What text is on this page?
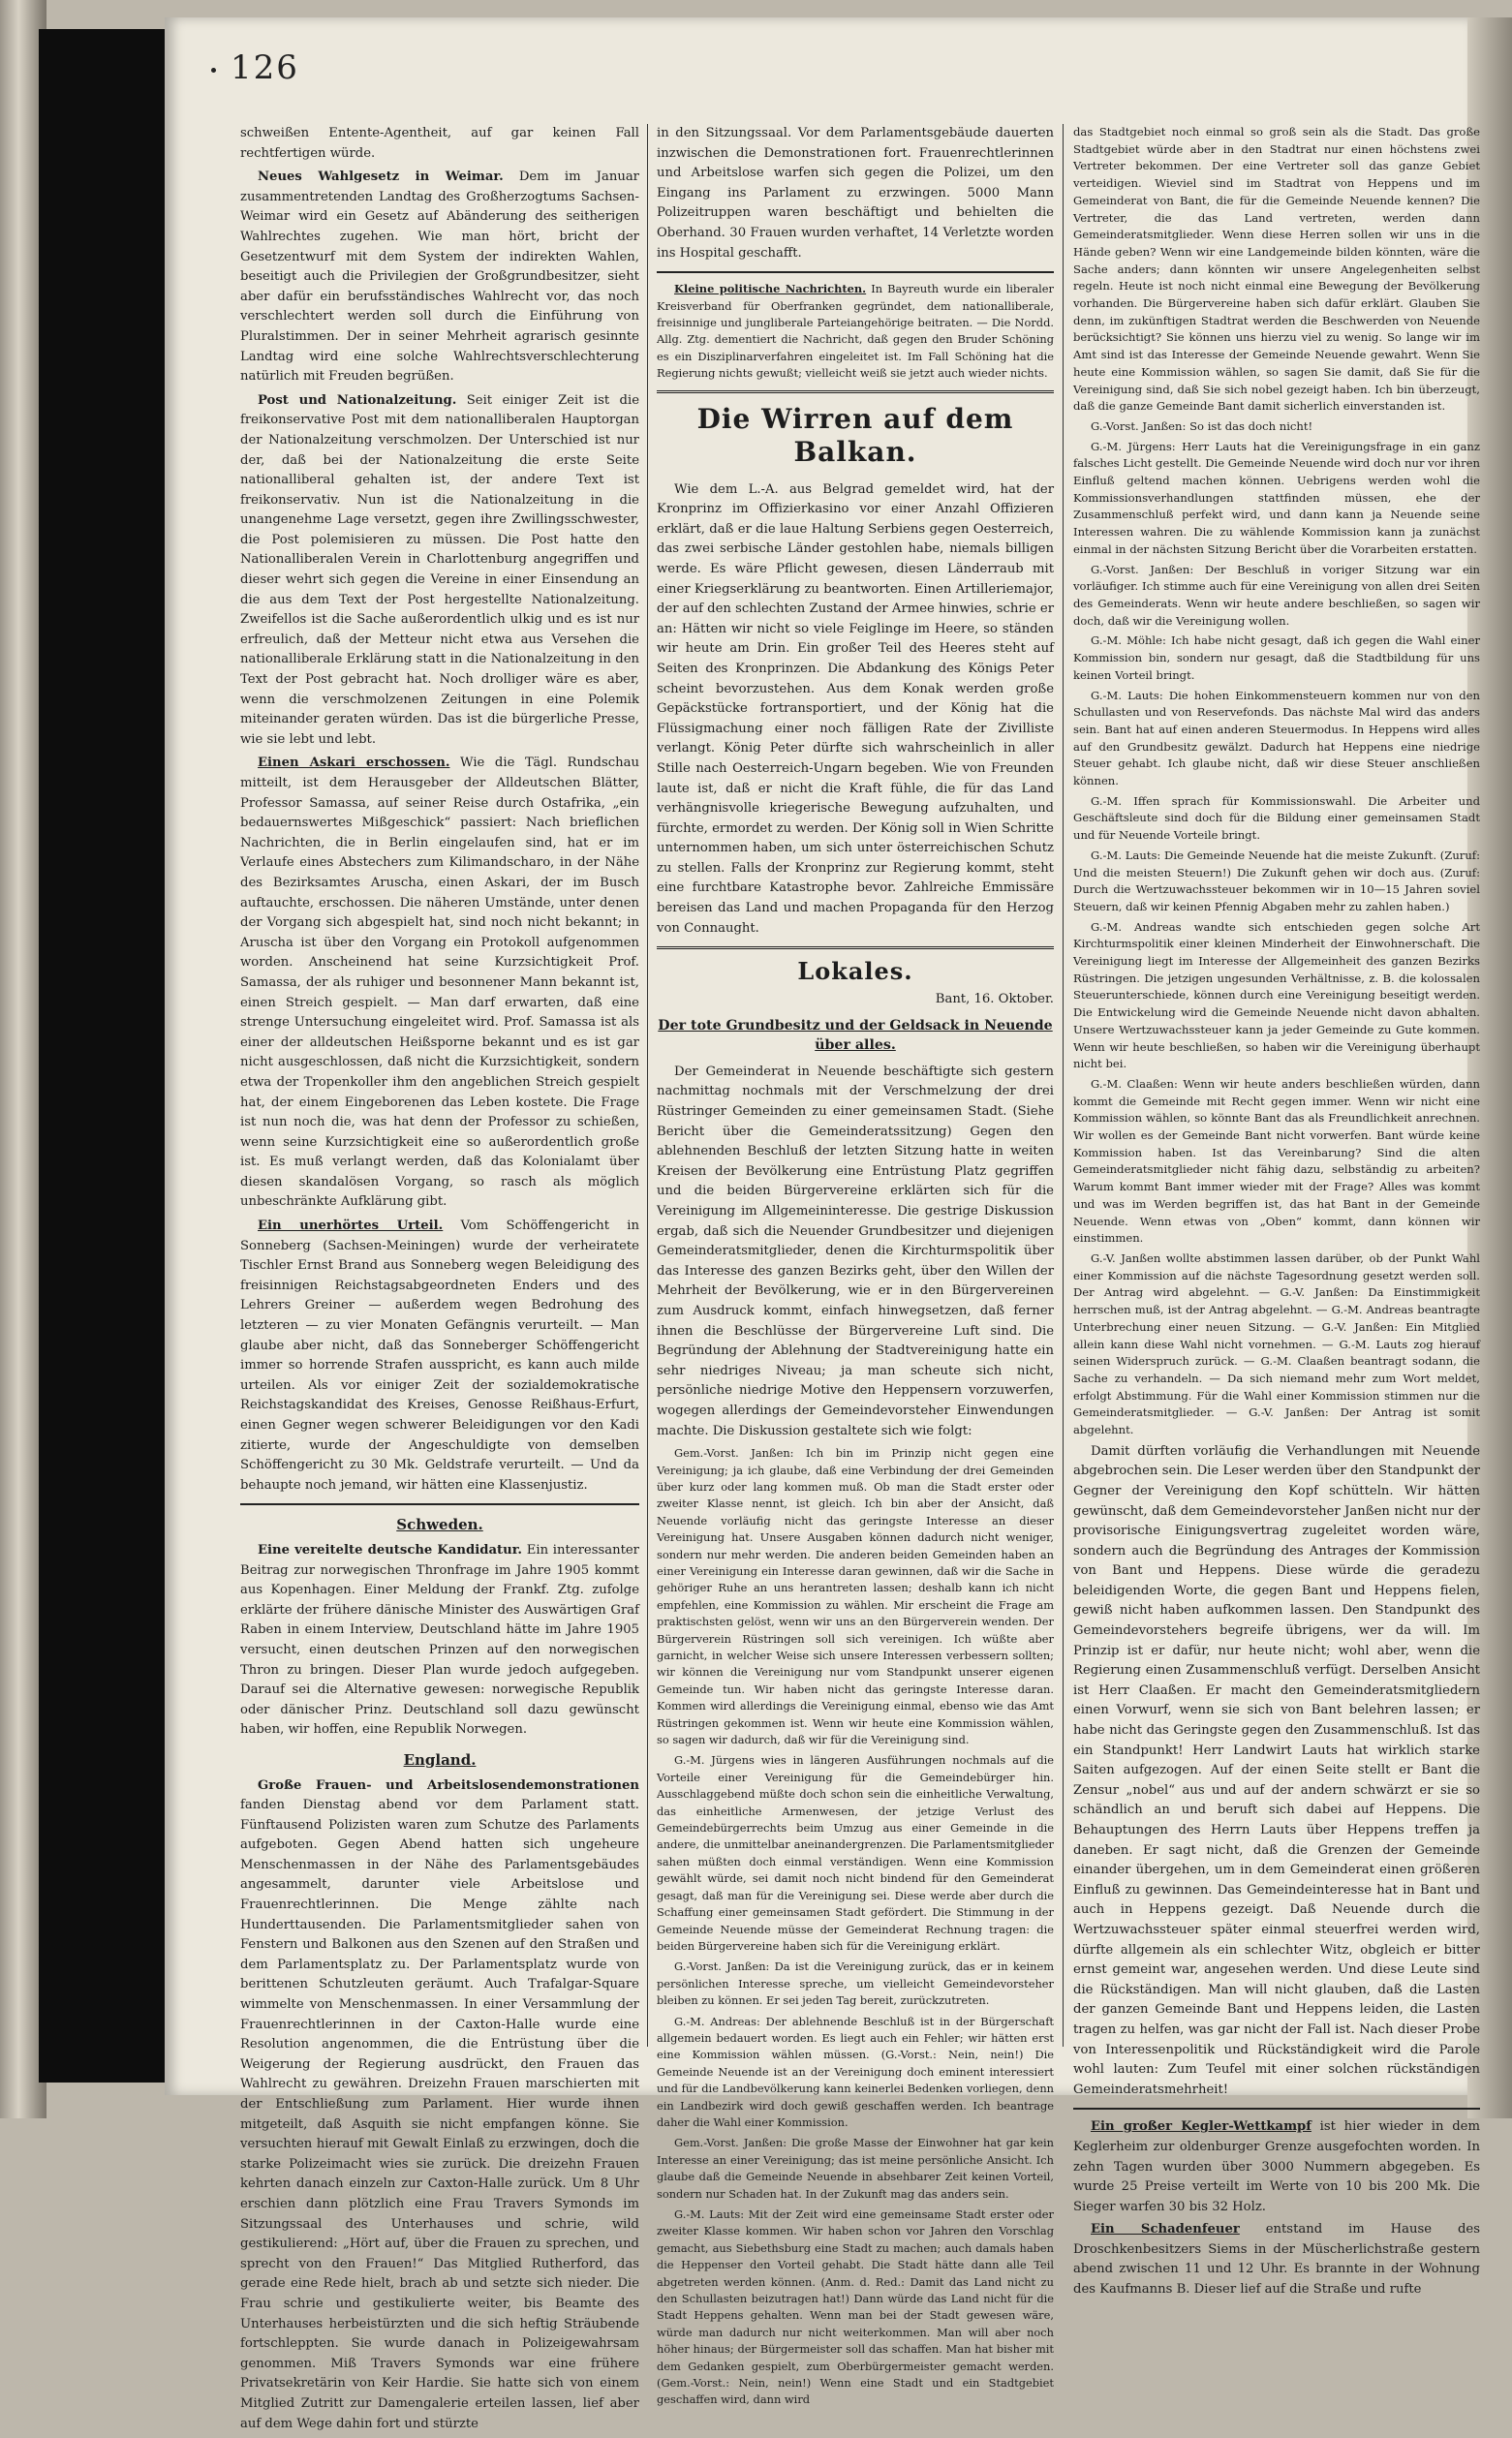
126

schweißen Entente-Agentheit, auf gar keinen Fall rechtfertigen würde.

Neues Wahlgesetz in Weimar. Dem im Januar zusammentretenden Landtag des Großherzogtums Sachsen-Weimar wird ein Gesetz auf Abänderung des seitherigen Wahlrechtes zugehen. Wie man hört, bricht der Gesetzentwurf mit dem System der indirekten Wahlen, beseitigt auch die Privilegien der Großgrundbesitzer, sieht aber dafür ein berufsständisches Wahlrecht vor, das noch verschlechtert werden soll durch die Einführung von Pluralstimmen. Der in seiner Mehrheit agrarisch gesinnte Landtag wird eine solche Wahlrechtsverschlechterung natürlich mit Freuden begrüßen.

Post und Nationalzeitung. Seit einiger Zeit ist die freikonservative Post mit dem nationalliberalen Hauptorgan der Nationalzeitung verschmolzen. Der Unterschied ist nur der, daß bei der Nationalzeitung die erste Seite nationalliberal gehalten ist, der andere Text ist freikonservativ. Nun ist die Nationalzeitung in die unangenehme Lage versetzt, gegen ihre Zwillingsschwester, die Post polemisieren zu müssen. Die Post hatte den Nationalliberalen Verein in Charlottenburg angegriffen und dieser wehrt sich gegen die Vereine in einer Einsendung an die aus dem Text der Post hergestellte Nationalzeitung. Zweifellos ist die Sache außerordentlich ulkig und es ist nur erfreulich, daß der Metteur nicht etwa aus Versehen die nationalliberale Erklärung statt in die Nationalzeitung in den Text der Post gebracht hat. Noch drolliger wäre es aber, wenn die verschmolzenen Zeitungen in eine Polemik miteinander geraten würden. Das ist die bürgerliche Presse, wie sie lebt und lebt.

Einen Askari erschossen. Wie die Tägl. Rundschau mitteilt, ist dem Herausgeber der Alldeutschen Blätter, Professor Samassa, auf seiner Reise durch Ostafrika, „ein bedauernswertes Mißgeschick“ passiert: Nach brieflichen Nachrichten, die in Berlin eingelaufen sind, hat er im Verlaufe eines Abstechers zum Kilimandscharo, in der Nähe des Bezirksamtes Aruscha, einen Askari, der im Busch auftauchte, erschossen. Die näheren Umstände, unter denen der Vorgang sich abgespielt hat, sind noch nicht bekannt; in Aruscha ist über den Vorgang ein Protokoll aufgenommen worden. Anscheinend hat seine Kurzsichtigkeit Prof. Samassa, der als ruhiger und besonnener Mann bekannt ist, einen Streich gespielt. — Man darf erwarten, daß eine strenge Untersuchung eingeleitet wird. Prof. Samassa ist als einer der alldeutschen Heißsporne bekannt und es ist gar nicht ausgeschlossen, daß nicht die Kurzsichtigkeit, sondern etwa der Tropenkoller ihm den angeblichen Streich gespielt hat, der einem Eingeborenen das Leben kostete. Die Frage ist nun noch die, was hat denn der Professor zu schießen, wenn seine Kurzsichtigkeit eine so außerordentlich große ist. Es muß verlangt werden, daß das Kolonialamt über diesen skandalösen Vorgang, so rasch als möglich unbeschränkte Aufklärung gibt.

Ein unerhörtes Urteil. Vom Schöffengericht in Sonneberg (Sachsen-Meiningen) wurde der verheiratete Tischler Ernst Brand aus Sonneberg wegen Beleidigung des freisinnigen Reichstagsabgeordneten Enders und des Lehrers Greiner — außerdem wegen Bedrohung des letzteren — zu vier Monaten Gefängnis verurteilt. — Man glaube aber nicht, daß das Sonneberger Schöffengericht immer so horrende Strafen ausspricht, es kann auch milde urteilen. Als vor einiger Zeit der sozialdemokratische Reichstagskandidat des Kreises, Genosse Reißhaus-Erfurt, einen Gegner wegen schwerer Beleidigungen vor den Kadi zitierte, wurde der Angeschuldigte von demselben Schöffengericht zu 30 Mk. Geldstrafe verurteilt. — Und da behaupte noch jemand, wir hätten eine Klassenjustiz.

Schweden.

Eine vereitelte deutsche Kandidatur. Ein interessanter Beitrag zur norwegischen Thronfrage im Jahre 1905 kommt aus Kopenhagen. Einer Meldung der Frankf. Ztg. zufolge erklärte der frühere dänische Minister des Auswärtigen Graf Raben in einem Interview, Deutschland hätte im Jahre 1905 versucht, einen deutschen Prinzen auf den norwegischen Thron zu bringen. Dieser Plan wurde jedoch aufgegeben. Darauf sei die Alternative gewesen: norwegische Republik oder dänischer Prinz. Deutschland soll dazu gewünscht haben, wir hoffen, eine Republik Norwegen.

England.

Große Frauen- und Arbeitslosendemonstrationen fanden Dienstag abend vor dem Parlament statt. Fünftausend Polizisten waren zum Schutze des Parlaments aufgeboten. Gegen Abend hatten sich ungeheure Menschenmassen in der Nähe des Parlamentsgebäudes angesammelt, darunter viele Arbeitslose und Frauenrechtlerinnen. Die Menge zählte nach Hunderttausenden. Die Parlamentsmitglieder sahen von Fenstern und Balkonen aus den Szenen auf den Straßen und dem Parlamentsplatz zu. Der Parlamentsplatz wurde von berittenen Schutzleuten geräumt. Auch Trafalgar-Square wimmelte von Menschenmassen. In einer Versammlung der Frauenrechtlerinnen in der Caxton-Halle wurde eine Resolution angenommen, die die Entrüstung über die Weigerung der Regierung ausdrückt, den Frauen das Wahlrecht zu gewähren. Dreizehn Frauen marschierten mit der Entschließung zum Parlament. Hier wurde ihnen mitgeteilt, daß Asquith sie nicht empfangen könne. Sie versuchten hierauf mit Gewalt Einlaß zu erzwingen, doch die starke Polizeimacht wies sie zurück. Die dreizehn Frauen kehrten danach einzeln zur Caxton-Halle zurück. Um 8 Uhr erschien dann plötzlich eine Frau Travers Symonds im Sitzungssaal des Unterhauses und schrie, wild gestikulierend: „Hört auf, über die Frauen zu sprechen, und sprecht von den Frauen!“ Das Mitglied Rutherford, das gerade eine Rede hielt, brach ab und setzte sich nieder. Die Frau schrie und gestikulierte weiter, bis Beamte des Unterhauses herbeistürzten und die sich heftig Sträubende fortschleppten. Sie wurde danach in Polizeigewahrsam genommen. Miß Travers Symonds war eine frühere Privatsekretärin von Keir Hardie. Sie hatte sich von einem Mitglied Zutritt zur Damengalerie erteilen lassen, lief aber auf dem Wege dahin fort und stürzte

in den Sitzungssaal. Vor dem Parlamentsgebäude dauerten inzwischen die Demonstrationen fort. Frauenrechtlerinnen und Arbeitslose warfen sich gegen die Polizei, um den Eingang ins Parlament zu erzwingen. 5000 Mann Polizeitruppen waren beschäftigt und behielten die Oberhand. 30 Frauen wurden verhaftet, 14 Verletzte worden ins Hospital geschafft.

Kleine politische Nachrichten. In Bayreuth wurde ein liberaler Kreisverband für Oberfranken gegründet, dem nationalliberale, freisinnige und jungliberale Parteiangehörige beitraten. — Die Nordd. Allg. Ztg. dementiert die Nachricht, daß gegen den Bruder Schöning es ein Disziplinarverfahren eingeleitet ist. Im Fall Schöning hat die Regierung nichts gewußt; vielleicht weiß sie jetzt auch wieder nichts.

Die Wirren auf dem Balkan.

Wie dem L.-A. aus Belgrad gemeldet wird, hat der Kronprinz im Offizierkasino vor einer Anzahl Offizieren erklärt, daß er die laue Haltung Serbiens gegen Oesterreich, das zwei serbische Länder gestohlen habe, niemals billigen werde. Es wäre Pflicht gewesen, diesen Länderraub mit einer Kriegserklärung zu beantworten. Einen Artilleriemajor, der auf den schlechten Zustand der Armee hinwies, schrie er an: Hätten wir nicht so viele Feiglinge im Heere, so ständen wir heute am Drin. Ein großer Teil des Heeres steht auf Seiten des Kronprinzen. Die Abdankung des Königs Peter scheint bevorzustehen. Aus dem Konak werden große Gepäckstücke fortransportiert, und der König hat die Flüssigmachung einer noch fälligen Rate der Zivilliste verlangt. König Peter dürfte sich wahrscheinlich in aller Stille nach Oesterreich-Ungarn begeben. Wie von Freunden laute ist, daß er nicht die Kraft fühle, die für das Land verhängnisvolle kriegerische Bewegung aufzuhalten, und fürchte, ermordet zu werden. Der König soll in Wien Schritte unternommen haben, um sich unter österreichischen Schutz zu stellen. Falls der Kronprinz zur Regierung kommt, steht eine furchtbare Katastrophe bevor. Zahlreiche Emmissäre bereisen das Land und machen Propaganda für den Herzog von Connaught.

Lokales.
Bant, 16. Oktober.
Der tote Grundbesitz und der Geldsack in Neuende über alles.

Der Gemeinderat in Neuende beschäftigte sich gestern nachmittag nochmals mit der Verschmelzung der drei Rüstringer Gemeinden zu einer gemeinsamen Stadt. (Siehe Bericht über die Gemeinderatssitzung) Gegen den ablehnenden Beschluß der letzten Sitzung hatte in weiten Kreisen der Bevölkerung eine Entrüstung Platz gegriffen und die beiden Bürgervereine erklärten sich für die Vereinigung im Allgemeininteresse. Die gestrige Diskussion ergab, daß sich die Neuender Grundbesitzer und diejenigen Gemeinderatsmitglieder, denen die Kirchturmspolitik über das Interesse des ganzen Bezirks geht, über den Willen der Mehrheit der Bevölkerung, wie er in den Bürgervereinen zum Ausdruck kommt, einfach hinwegsetzen, daß ferner ihnen die Beschlüsse der Bürgervereine Luft sind. Die Begründung der Ablehnung der Stadtvereinigung hatte ein sehr niedriges Niveau; ja man scheute sich nicht, persönliche niedrige Motive den Heppensern vorzuwerfen, wogegen allerdings der Gemeindevorsteher Einwendungen machte. Die Diskussion gestaltete sich wie folgt:

Gem.-Vorst. Janßen: Ich bin im Prinzip nicht gegen eine Vereinigung; ja ich glaube, daß eine Verbindung der drei Gemeinden über kurz oder lang kommen muß. Ob man die Stadt erster oder zweiter Klasse nennt, ist gleich. Ich bin aber der Ansicht, daß Neuende vorläufig nicht das geringste Interesse an dieser Vereinigung hat. Unsere Ausgaben können dadurch nicht weniger, sondern nur mehr werden. Die anderen beiden Gemeinden haben an einer Vereinigung ein Interesse daran gewinnen, daß wir die Sache in gehöriger Ruhe an uns herantreten lassen; deshalb kann ich nicht empfehlen, eine Kommission zu wählen. Mir erscheint die Frage am praktischsten gelöst, wenn wir uns an den Bürgerverein wenden. Der Bürgerverein Rüstringen soll sich vereinigen. Ich wüßte aber garnicht, in welcher Weise sich unsere Interessen verbessern sollten; wir können die Vereinigung nur vom Standpunkt unserer eigenen Gemeinde tun. Wir haben nicht das geringste Interesse daran. Kommen wird allerdings die Vereinigung einmal, ebenso wie das Amt Rüstringen gekommen ist. Wenn wir heute eine Kommission wählen, so sagen wir dadurch, daß wir für die Vereinigung sind.

G.-M. Jürgens wies in längeren Ausführungen nochmals auf die Vorteile einer Vereinigung für die Gemeindebürger hin. Ausschlaggebend müßte doch schon sein die einheitliche Verwaltung, das einheitliche Armenwesen, der jetzige Verlust des Gemeindebürgerrechts beim Umzug aus einer Gemeinde in die andere, die unmittelbar aneinandergrenzen. Die Parlamentsmitglieder sahen müßten doch einmal verständigen. Wenn eine Kommission gewählt würde, sei damit noch nicht bindend für den Gemeinderat gesagt, daß man für die Vereinigung sei. Diese werde aber durch die Schaffung einer gemeinsamen Stadt gefördert. Die Stimmung in der Gemeinde Neuende müsse der Gemeinderat Rechnung tragen: die beiden Bürgervereine haben sich für die Vereinigung erklärt.

G.-Vorst. Janßen: Da ist die Vereinigung zurück, das er in keinem persönlichen Interesse spreche, um vielleicht Gemeindevorsteher bleiben zu können. Er sei jeden Tag bereit, zurückzutreten.

G.-M. Andreas: Der ablehnende Beschluß ist in der Bürgerschaft allgemein bedauert worden. Es liegt auch ein Fehler; wir hätten erst eine Kommission wählen müssen. (G.-Vorst.: Nein, nein!) Die Gemeinde Neuende ist an der Vereinigung doch eminent interessiert und für die Landbevölkerung kann keinerlei Bedenken vorliegen, denn ein Landbezirk wird doch gewiß geschaffen werden. Ich beantrage daher die Wahl einer Kommission.

Gem.-Vorst. Janßen: Die große Masse der Einwohner hat gar kein Interesse an einer Vereinigung; das ist meine persönliche Ansicht. Ich glaube daß die Gemeinde Neuende in absehbarer Zeit keinen Vorteil, sondern nur Schaden hat. In der Zukunft mag das anders sein.

G.-M. Lauts: Mit der Zeit wird eine gemeinsame Stadt erster oder zweiter Klasse kommen. Wir haben schon vor Jahren den Vorschlag gemacht, aus Siebethsburg eine Stadt zu machen; auch damals haben die Heppenser den Vorteil gehabt. Die Stadt hätte dann alle Teil abgetreten werden können. (Anm. d. Red.: Damit das Land nicht zu den Schullasten beizutragen hat!) Dann würde das Land nicht für die Stadt Heppens gehalten. Wenn man bei der Stadt gewesen wäre, würde man dadurch nur nicht weiterkommen. Man will aber noch höher hinaus; der Bürgermeister soll das schaffen. Man hat bisher mit dem Gedanken gespielt, zum Oberbürgermeister gemacht werden. (Gem.-Vorst.: Nein, nein!) Wenn eine Stadt und ein Stadtgebiet geschaffen wird, dann wird

das Stadtgebiet noch einmal so groß sein als die Stadt. Das große Stadtgebiet würde aber in den Stadtrat nur einen höchstens zwei Vertreter bekommen. Der eine Vertreter soll das ganze Gebiet verteidigen. Wieviel sind im Stadtrat von Heppens und im Gemeinderat von Bant, die für die Gemeinde Neuende kennen? Die Vertreter, die das Land vertreten, werden dann Gemeinderatsmitglieder. Wenn diese Herren sollen wir uns in die Hände geben? Wenn wir eine Landgemeinde bilden könnten, wäre die Sache anders; dann könnten wir unsere Angelegenheiten selbst regeln. Heute ist noch nicht einmal eine Bewegung der Bevölkerung vorhanden. Die Bürgervereine haben sich dafür erklärt. Glauben Sie denn, im zukünftigen Stadtrat werden die Beschwerden von Neuende berücksichtigt? Sie können uns hierzu viel zu wenig. So lange wir im Amt sind ist das Interesse der Gemeinde Neuende gewahrt. Wenn Sie heute eine Kommission wählen, so sagen Sie damit, daß Sie für die Vereinigung sind, daß Sie sich nobel gezeigt haben. Ich bin überzeugt, daß die ganze Gemeinde Bant damit sicherlich einverstanden ist.

G.-Vorst. Janßen: So ist das doch nicht!

G.-M. Jürgens: Herr Lauts hat die Vereinigungsfrage in ein ganz falsches Licht gestellt. Die Gemeinde Neuende wird doch nur vor ihren Einfluß geltend machen können. Uebrigens werden wohl die Kommissionsverhandlungen stattfinden müssen, ehe der Zusammenschluß perfekt wird, und dann kann ja Neuende seine Interessen wahren. Die zu wählende Kommission kann ja zunächst einmal in der nächsten Sitzung Bericht über die Vorarbeiten erstatten.

G.-Vorst. Janßen: Der Beschluß in voriger Sitzung war ein vorläufiger. Ich stimme auch für eine Vereinigung von allen drei Seiten des Gemeinderats. Wenn wir heute andere beschließen, so sagen wir doch, daß wir die Vereinigung wollen.

G.-M. Möhle: Ich habe nicht gesagt, daß ich gegen die Wahl einer Kommission bin, sondern nur gesagt, daß die Stadtbildung für uns keinen Vorteil bringt.

G.-M. Lauts: Die hohen Einkommensteuern kommen nur von den Schullasten und von Reservefonds. Das nächste Mal wird das anders sein. Bant hat auf einen anderen Steuermodus. In Heppens wird alles auf den Grundbesitz gewälzt. Dadurch hat Heppens eine niedrige Steuer gehabt. Ich glaube nicht, daß wir diese Steuer anschließen können.

G.-M. Iffen sprach für Kommissionswahl. Die Arbeiter und Geschäftsleute sind doch für die Bildung einer gemeinsamen Stadt und für Neuende Vorteile bringt.

G.-M. Lauts: Die Gemeinde Neuende hat die meiste Zukunft. (Zuruf: Und die meisten Steuern!) Die Zukunft gehen wir doch aus. (Zuruf: Durch die Wertzuwachssteuer bekommen wir in 10—15 Jahren soviel Steuern, daß wir keinen Pfennig Abgaben mehr zu zahlen haben.)

G.-M. Andreas wandte sich entschieden gegen solche Art Kirchturmspolitik einer kleinen Minderheit der Einwohnerschaft. Die Vereinigung liegt im Interesse der Allgemeinheit des ganzen Bezirks Rüstringen. Die jetzigen ungesunden Verhältnisse, z. B. die kolossalen Steuerunterschiede, können durch eine Vereinigung beseitigt werden. Die Entwickelung wird die Gemeinde Neuende nicht davon abhalten. Unsere Wertzuwachssteuer kann ja jeder Gemeinde zu Gute kommen. Wenn wir heute beschließen, so haben wir die Vereinigung überhaupt nicht bei.

G.-M. Claaßen: Wenn wir heute anders beschließen würden, dann kommt die Gemeinde mit Recht gegen immer. Wenn wir nicht eine Kommission wählen, so könnte Bant das als Freundlichkeit anrechnen. Wir wollen es der Gemeinde Bant nicht vorwerfen. Bant würde keine Kommission haben. Ist das Vereinbarung? Sind die alten Gemeinderatsmitglieder nicht fähig dazu, selbständig zu arbeiten? Warum kommt Bant immer wieder mit der Frage? Alles was kommt und was im Werden begriffen ist, das hat Bant in der Gemeinde Neuende. Wenn etwas von „Oben“ kommt, dann können wir einstimmen.

G.-V. Janßen wollte abstimmen lassen darüber, ob der Punkt Wahl einer Kommission auf die nächste Tagesordnung gesetzt werden soll. Der Antrag wird abgelehnt. — G.-V. Janßen: Da Einstimmigkeit herrschen muß, ist der Antrag abgelehnt. — G.-M. Andreas beantragte Unterbrechung einer neuen Sitzung. — G.-V. Janßen: Ein Mitglied allein kann diese Wahl nicht vornehmen. — G.-M. Lauts zog hierauf seinen Widerspruch zurück. — G.-M. Claaßen beantragt sodann, die Sache zu verhandeln. — Da sich niemand mehr zum Wort meldet, erfolgt Abstimmung. Für die Wahl einer Kommission stimmen nur die Gemeinderatsmitglieder. — G.-V. Janßen: Der Antrag ist somit abgelehnt.

Damit dürften vorläufig die Verhandlungen mit Neuende abgebrochen sein. Die Leser werden über den Standpunkt der Gegner der Vereinigung den Kopf schütteln. Wir hätten gewünscht, daß dem Gemeindevorsteher Janßen nicht nur der provisorische Einigungsvertrag zugeleitet worden wäre, sondern auch die Begründung des Antrages der Kommission von Bant und Heppens. Diese würde die geradezu beleidigenden Worte, die gegen Bant und Heppens fielen, gewiß nicht haben aufkommen lassen. Den Standpunkt des Gemeindevorstehers begreife übrigens, wer da will. Im Prinzip ist er dafür, nur heute nicht; wohl aber, wenn die Regierung einen Zusammenschluß verfügt. Derselben Ansicht ist Herr Claaßen. Er macht den Gemeinderatsmitgliedern einen Vorwurf, wenn sie sich von Bant belehren lassen; er habe nicht das Geringste gegen den Zusammenschluß. Ist das ein Standpunkt! Herr Landwirt Lauts hat wirklich starke Saiten aufgezogen. Auf der einen Seite stellt er Bant die Zensur „nobel“ aus und auf der andern schwärzt er sie so schändlich an und beruft sich dabei auf Heppens. Die Behauptungen des Herrn Lauts über Heppens treffen ja daneben. Er sagt nicht, daß die Grenzen der Gemeinde einander übergehen, um in dem Gemeinderat einen größeren Einfluß zu gewinnen. Das Gemeindeinteresse hat in Bant und auch in Heppens gezeigt. Daß Neuende durch die Wertzuwachssteuer später einmal steuerfrei werden wird, dürfte allgemein als ein schlechter Witz, obgleich er bitter ernst gemeint war, angesehen werden. Und diese Leute sind die Rückständigen. Man will nicht glauben, daß die Lasten der ganzen Gemeinde Bant und Heppens leiden, die Lasten tragen zu helfen, was gar nicht der Fall ist. Nach dieser Probe von Interessenpolitik und Rückständigkeit wird die Parole wohl lauten: Zum Teufel mit einer solchen rückständigen Gemeinderatsmehrheit!

Ein großer Kegler-Wettkampf ist hier wieder in dem Keglerheim zur oldenburger Grenze ausgefochten worden. In zehn Tagen wurden über 3000 Nummern abgegeben. Es wurde 25 Preise verteilt im Werte von 10 bis 200 Mk. Die Sieger warfen 30 bis 32 Holz.

Ein Schadenfeuer entstand im Hause des Droschkenbesitzers Siems in der Müscherlichstraße gestern abend zwischen 11 und 12 Uhr. Es brannte in der Wohnung des Kaufmanns B. Dieser lief auf die Straße und rufte
